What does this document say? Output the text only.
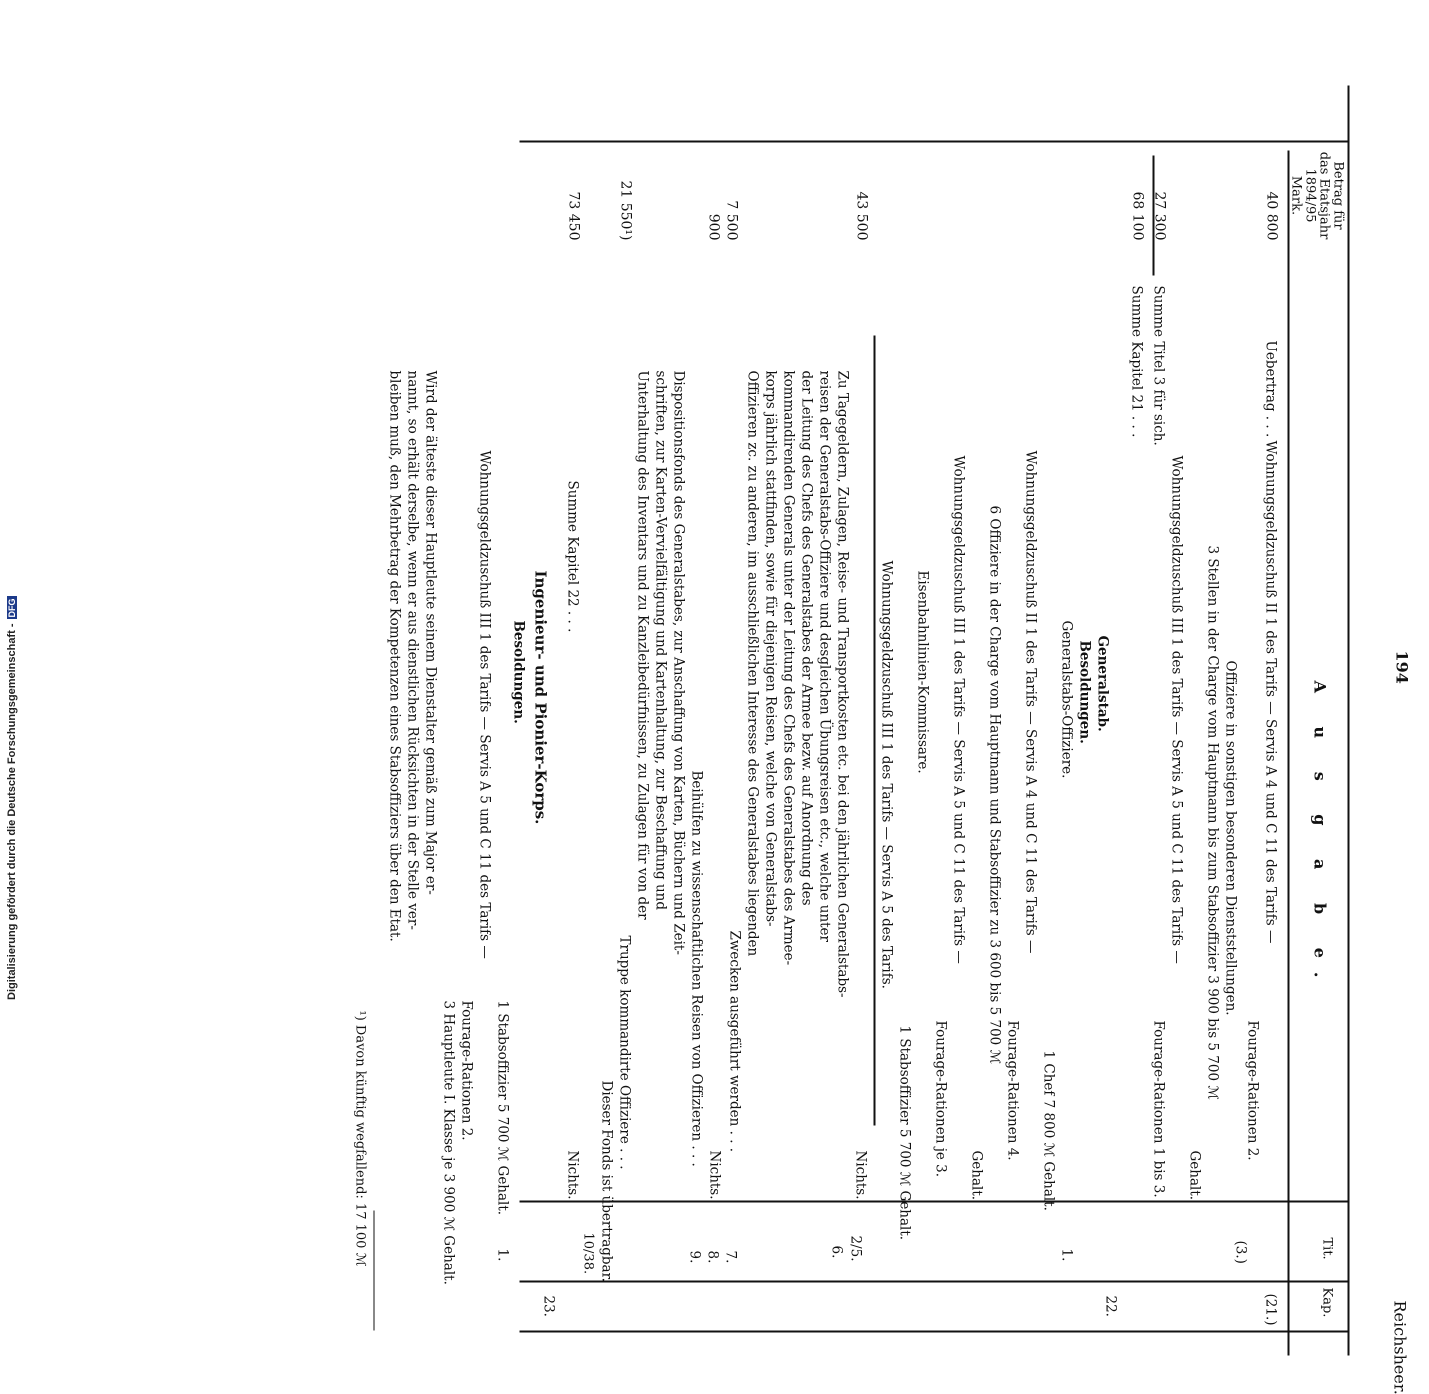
Reichsheer.
194
Kap.
Tit.
A u s g a b e.
Betrag für
das Etatsjahr
1894/95
Mark.
(21.)
(3.)
Wohnungsgeldzuschuß II 1 des Tarifs — Servis A 4 und C 11 des Tarifs —
Uebertrag . . .
40 800
Fourage-Rationen 2.
Offiziere in sonstigen besonderen Dienststellungen.
3 Stellen in der Charge vom Hauptmann bis zum Stabsoffizier 3 900 bis 5 700 ℳ
Gehalt.
Wohnungsgeldzuschuß III 1 des Tarifs — Servis A 5 und C 11 des Tarifs —
Fourage-Rationen 1 bis 3.
Summe Titel 3 für sich.
27 300
Summe Kapitel 21 . . .
68 100
22.
Generalstab.
Besoldungen.
1.
Generalstabs-Offiziere.
1 Chef 7 800 ℳ Gehalt.
Wohnungsgeldzuschuß II 1 des Tarifs — Servis A 4 und C 11 des Tarifs —
Fourage-Rationen 4.
6 Offiziere in der Charge vom Hauptmann und Stabsoffizier zu 3 600 bis 5 700 ℳ
Gehalt.
Wohnungsgeldzuschuß III 1 des Tarifs — Servis A 5 und C 11 des Tarifs —
Fourage-Rationen je 3.
Eisenbahnlinien-Kommissare.
1 Stabsoffizier 5 700 ℳ Gehalt.
Wohnungsgeldzuschuß III 1 des Tarifs — Servis A 5 des Tarifs.
Nichts.
43 500
2/5.
6.
Zu Tagegeldern, Zulagen, Reise- und Transportkosten etc. bei den jährlichen Generalstabs-
reisen der Generalstabs-Offiziere und desgleichen Übungsreisen etc., welche unter
der Leitung des Chefs des Generalstabes der Armee bezw. auf Anordnung des
kommandirenden Generals unter der Leitung des Chefs des Generalstabes des Armee-
korps jährlich stattfinden, sowie für diejenigen Reisen, welche von Generalstabs-
Offizieren zc. zu anderen, im ausschließlichen Interesse des Generalstabes liegenden
Zwecken ausgeführt werden . . .
7.
7 500
8.
900
Nichts.
9.
Beihülfen zu wissenschaftlichen Reisen von Offizieren . . .
Dispositionsfonds des Generalstabes, zur Anschaffung von Karten, Büchern und Zeit-
schriften, zur Karten-Vervielfältigung und Kartenhaltung, zur Beschaffung und
Unterhaltung des Inventars und zu Kanzleibedürfnissen, zu Zulagen für von der
Truppe kommandirte Offiziere . . .
21 550¹)
Dieser Fonds ist übertragbar.
10/38.
Nichts.
Summe Kapitel 22 . . .
73 450
23.
Ingenieur- und Pionier-Korps.
Besoldungen.
1.
1 Stabsoffizier 5 700 ℳ Gehalt.
Wohnungsgeldzuschuß III 1 des Tarifs — Servis A 5 und C 11 des Tarifs —
Fourage-Rationen 2.
3 Hauptleute I. Klasse je 3 900 ℳ Gehalt.
Wird der älteste dieser Hauptleute seinem Dienstalter gemäß zum Major er-
nannt, so erhält derselbe, wenn er aus dienstlichen Rücksichten in der Stelle ver-
bleiben muß, den Mehrbetrag der Kompetenzen eines Stabsoffiziers über den Etat.
¹) Davon künftig wegfallend: 17 100 ℳ
Digitalisierung gefördert durch die Deutsche Forschungsgemeinschaft -DFG
